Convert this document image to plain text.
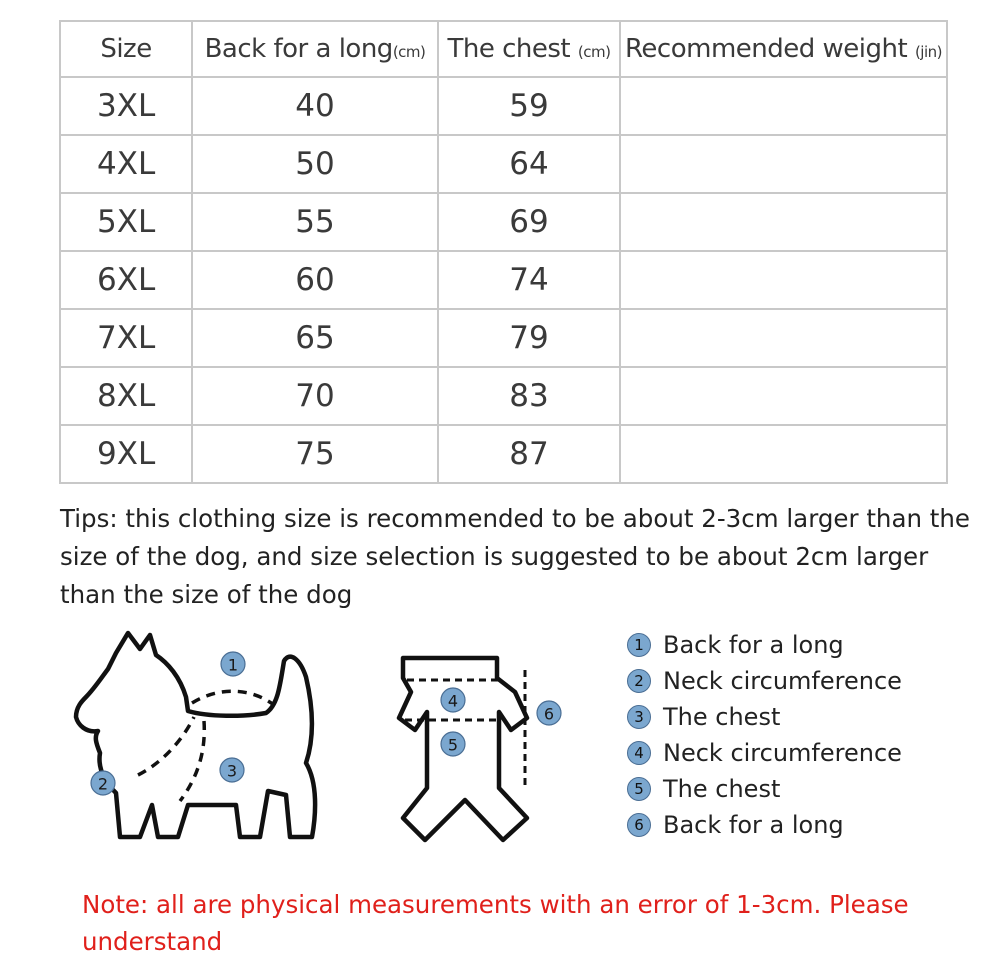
Size	Back for a long(cm)	The chest (cm)	Recommended weight (jin)
3XL	40	59	
4XL	50	64	
5XL	55	69	
6XL	60	74	
7XL	65	79	
8XL	70	83	
9XL	75	87	

Tips: this clothing size is recommended to be about 2-3cm larger than the size of the dog, and size selection is suggested to be about 2cm larger than the size of the dog

1
2
3
4
5
6
1 Back for a long
2 Neck circumference
3 The chest
4 Neck circumference
5 The chest
6 Back for a long

Note: all are physical measurements with an error of 1-3cm. Please understand
